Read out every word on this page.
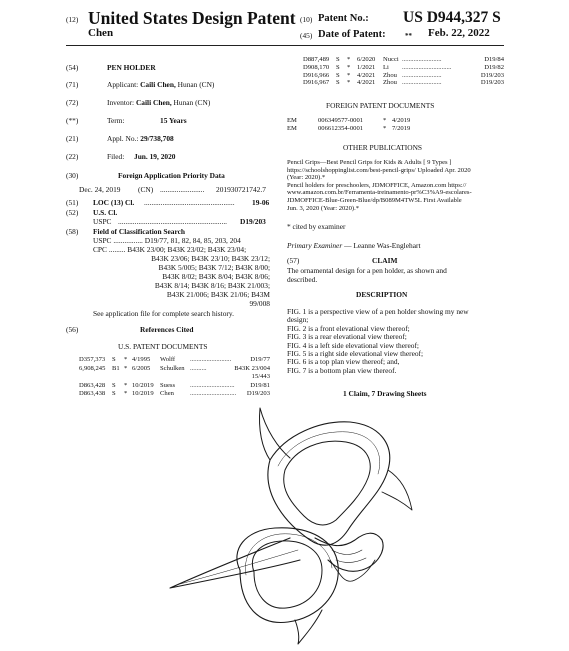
(12) United States Design Patent
Chen
(10) Patent No.: US D944,327 S
(45) Date of Patent:	** Feb. 22, 2022
(54)	PEN HOLDER
(71)	Applicant: Caili Chen, Hunan (CN)
(72)	Inventor: Caili Chen, Hunan (CN)
(**)	Term:	15 Years
(21)	Appl. No.: 29/738,708
(22)	Filed: Jun. 19, 2020
(30)	Foreign Application Priority Data
Dec. 24, 2019 (CN) ........................ 201930721742.7
(51) LOC (13) Cl. ................................................. 19-06
(52) U.S. Cl.
USPC ........................................................... D19/203
(58) Field of Classification Search
USPC ................ D19/77, 81, 82, 84, 85, 203, 204
CPC ......... B43K 23/00; B43K 23/02; B43K 23/04;
B43K 23/06; B43K 23/10; B43K 23/12;
B43K 5/005; B43K 7/12; B43K 8/00;
B43K 8/02; B43K 8/04; B43K 8/06;
B43K 8/14; B43K 8/16; B43K 21/003;
B43K 21/006; B43K 21/06; B43M
99/008
See application file for complete search history.
(56)	References Cited
U.S. PATENT DOCUMENTS
D357,373 S * 4/1995 Wolff .........................	D19/77
6,908,245 B1 * 6/2005 Schulken ..........	B43K 23/004
15/443
D863,428 S * 10/2019 Suess ........................... D19/81
D863,438 S * 10/2019 Chen ............................ D19/203
D887,489 S * 6/2020 Nucci ........................	D19/84
D908,170 S * 1/2021 Li ..............................	D19/82
D916,966 S * 4/2021 Zhou ........................	D19/203
D916,967 S * 4/2021 Zhou ........................	D19/203
FOREIGN PATENT DOCUMENTS
EM	006349577-0001	* 4/2019
EM	006612354-0001	* 7/2019
OTHER PUBLICATIONS
Pencil Grips—Best Pencil Grips for Kids & Adults [ 9 Types ]
https://schoolshoppinglist.com/best-pencil-grips/ Uploaded Apr. 2020
(Year: 2020).*
Pencil holders for preschoolers, JDMOFFICE, Amazon.com https://
www.amazon.com.br/Ferramenta-treinamento-pr%C3%A9-escolares-
JDMOFFICE-Blue-Green-Blue/dp/B089M4TW5L First Available
Jun. 3, 2020 (Year: 2020).*
* cited by examiner
Primary Examiner — Leanne Was-Englehart
(57)	CLAIM
The ornamental design for a pen holder, as shown and
described.
DESCRIPTION
FIG. 1 is a perspective view of a pen holder showing my new
design;
FIG. 2 is a front elevational view thereof;
FIG. 3 is a rear elevational view thereof;
FIG. 4 is a left side elevational view thereof;
FIG. 5 is a right side elevational view thereof;
FIG. 6 is a top plan view thereof; and,
FIG. 7 is a bottom plan view thereof.
1 Claim, 7 Drawing Sheets
